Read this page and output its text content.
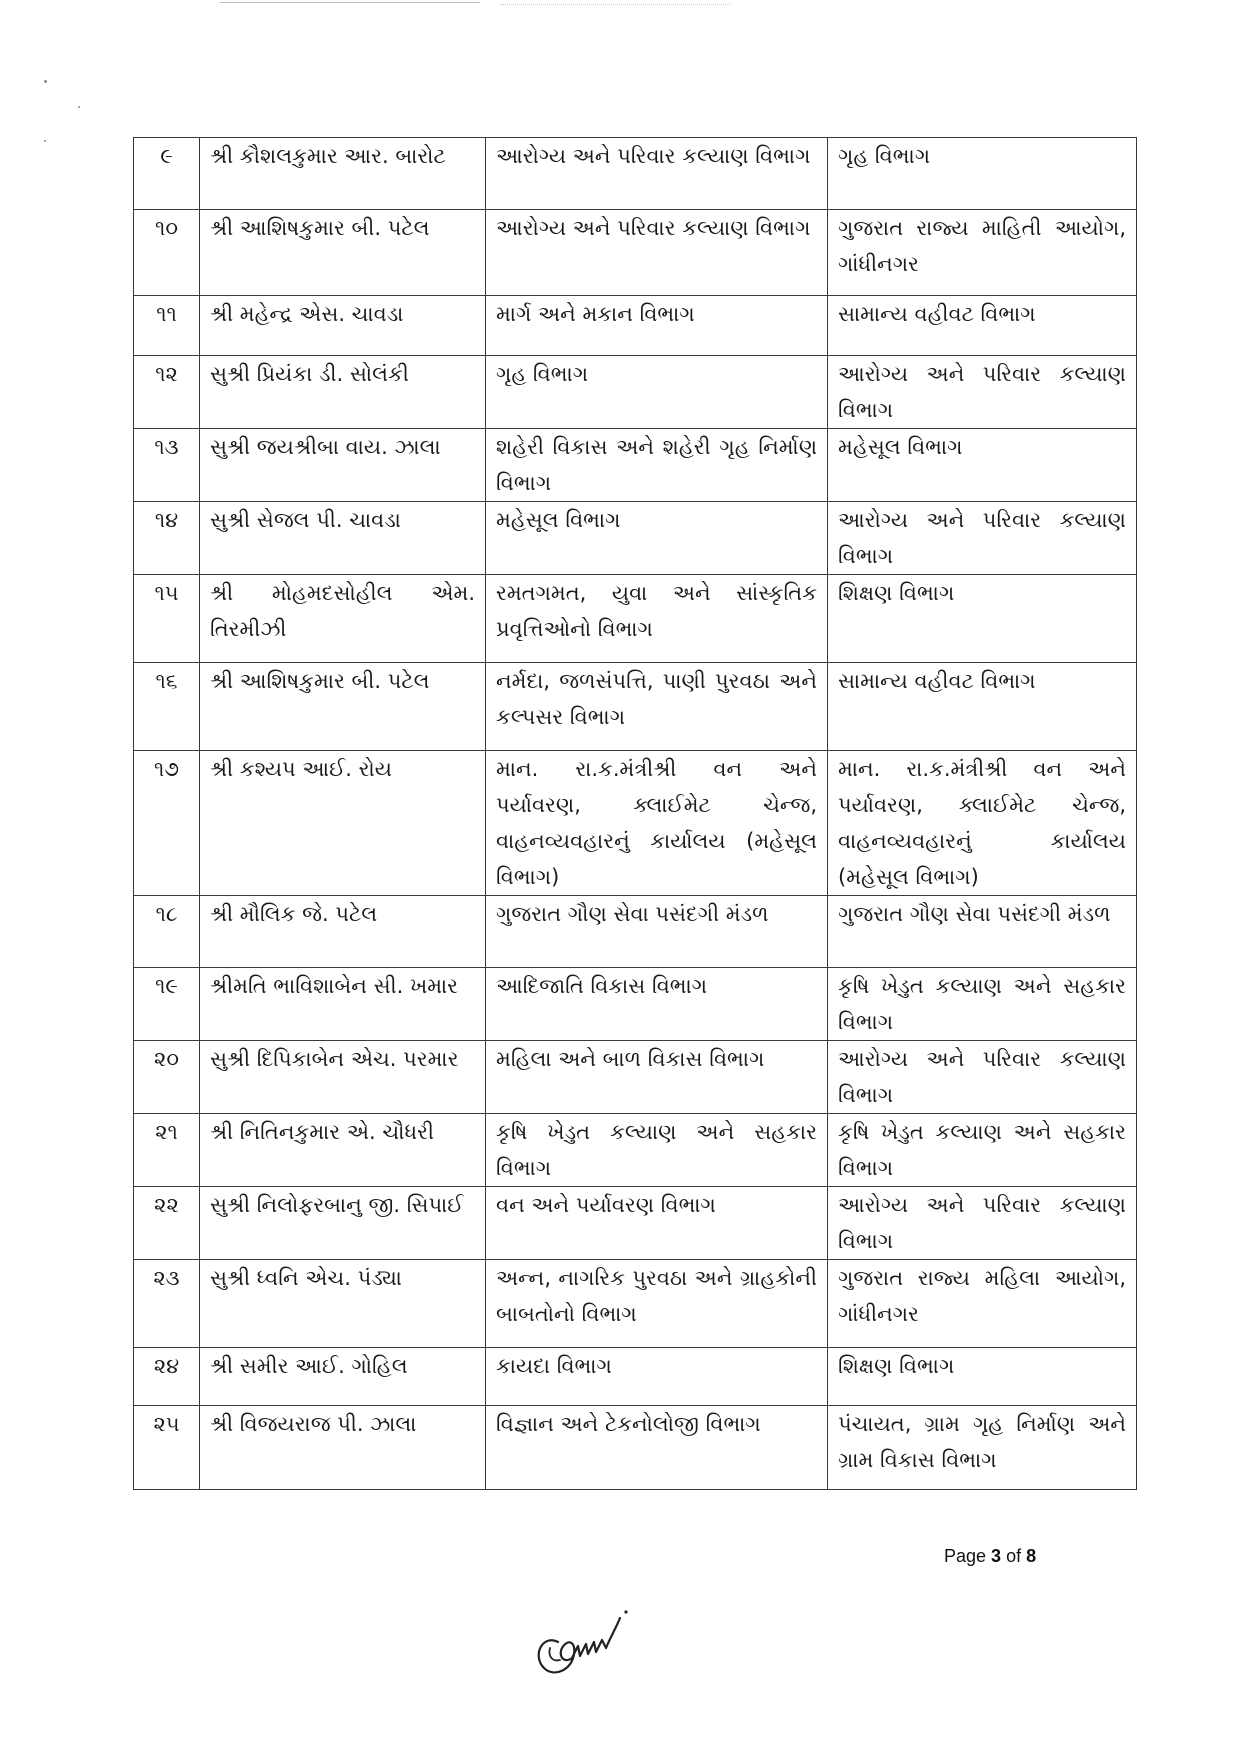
૯	શ્રી કૌશલકુમાર આર. બારોટ	આરોગ્ય અને પરિવાર કલ્યાણ વિભાગ	ગૃહ વિભાગ
૧૦	શ્રી આશિષકુમાર બી. પટેલ	આરોગ્ય અને પરિવાર કલ્યાણ વિભાગ	ગુજરાત રાજ્ય માહિતી આયોગ, ગાંધીનગર
૧૧	શ્રી મહેન્દ્ર એસ. ચાવડા	માર્ગ અને મકાન વિભાગ	સામાન્ય વહીવટ વિભાગ
૧૨	સુશ્રી પ્રિયંકા ડી. સોલંકી	ગૃહ વિભાગ	આરોગ્ય અને પરિવાર કલ્યાણ વિભાગ
૧૩	સુશ્રી જયશ્રીબા વાય. ઝાલા	શહેરી વિકાસ અને શહેરી ગૃહ નિર્માણ વિભાગ	મહેસૂલ વિભાગ
૧૪	સુશ્રી સેજલ પી. ચાવડા	મહેસૂલ વિભાગ	આરોગ્ય અને પરિવાર કલ્યાણ વિભાગ
૧૫	શ્રી મોહમદસોહીલ એમ. તિરમીઝી	રમતગમત, યુવા અને સાંસ્કૃતિક પ્રવૃત્તિઓનો વિભાગ	શિક્ષણ વિભાગ
૧૬	શ્રી આશિષકુમાર બી. પટેલ	નર્મદા, જળસંપત્તિ, પાણી પુરવઠા અને કલ્પસર વિભાગ	સામાન્ય વહીવટ વિભાગ
૧૭	શ્રી કશ્યપ આઈ. રોય	માન. રા.ક.મંત્રીશ્રી વન અને પર્યાવરણ, ક્લાઈમેટ ચેન્જ, વાહનવ્યવહારનું કાર્યાલય (મહેસૂલ વિભાગ)	માન. રા.ક.મંત્રીશ્રી વન અને પર્યાવરણ, ક્લાઈમેટ ચેન્જ, વાહનવ્યવહારનું કાર્યાલય (મહેસૂલ વિભાગ)
૧૮	શ્રી મૌલિક જે. પટેલ	ગુજરાત ગૌણ સેવા પસંદગી મંડળ	ગુજરાત ગૌણ સેવા પસંદગી મંડળ
૧૯	શ્રીમતિ ભાવિશાબેન સી. ખમાર	આદિજાતિ વિકાસ વિભાગ	કૃષિ ખેડુત કલ્યાણ અને સહકાર વિભાગ
૨૦	સુશ્રી દિપિકાબેન એચ. પરમાર	મહિલા અને બાળ વિકાસ વિભાગ	આરોગ્ય અને પરિવાર કલ્યાણ વિભાગ
૨૧	શ્રી નિતિનકુમાર એ. ચૌધરી	કૃષિ ખેડુત કલ્યાણ અને સહકાર વિભાગ	કૃષિ ખેડુત કલ્યાણ અને સહકાર વિભાગ
૨૨	સુશ્રી નિલોફરબાનુ જી. સિપાઈ	વન અને પર્યાવરણ વિભાગ	આરોગ્ય અને પરિવાર કલ્યાણ વિભાગ
૨૩	સુશ્રી ધ્વનિ એચ. પંડ્યા	અન્ન, નાગરિક પુરવઠા અને ગ્રાહકોની બાબતોનો વિભાગ	ગુજરાત રાજ્ય મહિલા આયોગ, ગાંધીનગર
૨૪	શ્રી સમીર આઈ. ગોહિલ	કાયદા વિભાગ	શિક્ષણ વિભાગ
૨૫	શ્રી વિજયરાજ પી. ઝાલા	વિજ્ઞાન અને ટેકનોલોજી વિભાગ	પંચાયત, ગ્રામ ગૃહ નિર્માણ અને ગ્રામ વિકાસ વિભાગ
Page 3 of 8
